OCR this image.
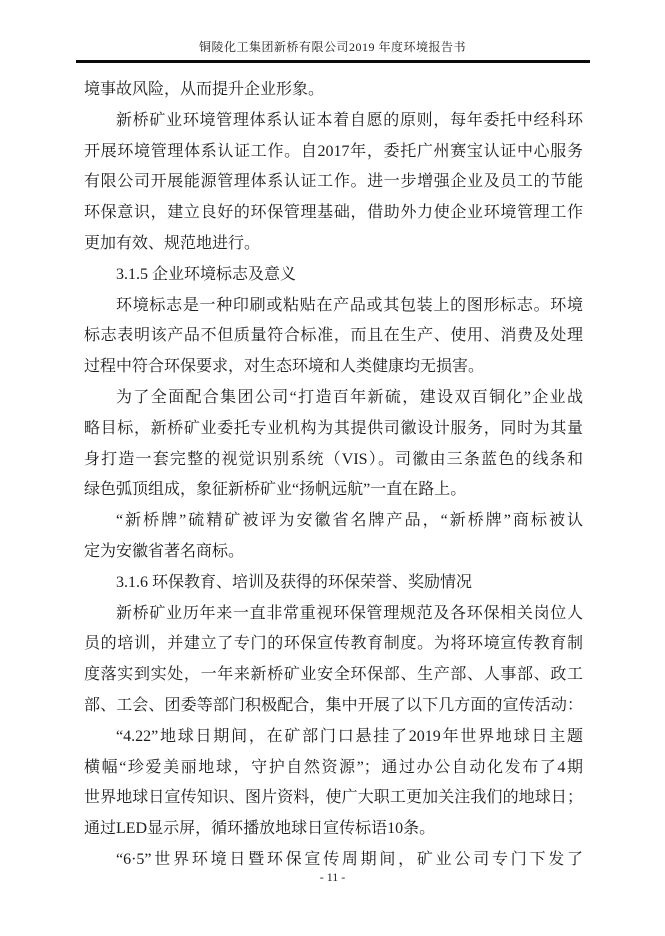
铜陵化工集团新桥有限公司2019 年度环境报告书
境事故风险，从而提升企业形象。
新桥矿业环境管理体系认证本着自愿的原则，每年委托中经科环
开展环境管理体系认证工作。自2017年，委托广州赛宝认证中心服务
有限公司开展能源管理体系认证工作。进一步增强企业及员工的节能
环保意识，建立良好的环保管理基础，借助外力使企业环境管理工作
更加有效、规范地进行。
3.1.5 企业环境标志及意义
环境标志是一种印刷或粘贴在产品或其包装上的图形标志。环境
标志表明该产品不但质量符合标准，而且在生产、使用、消费及处理
过程中符合环保要求，对生态环境和人类健康均无损害。
为了全面配合集团公司“打造百年新硫，建设双百铜化”企业战
略目标，新桥矿业委托专业机构为其提供司徽设计服务，同时为其量
身打造一套完整的视觉识别系统（VIS）。司徽由三条蓝色的线条和
绿色弧顶组成，象征新桥矿业“扬帆远航”一直在路上。
“新桥牌”硫精矿被评为安徽省名牌产品，“新桥牌”商标被认
定为安徽省著名商标。
3.1.6 环保教育、培训及获得的环保荣誉、奖励情况
新桥矿业历年来一直非常重视环保管理规范及各环保相关岗位人
员的培训，并建立了专门的环保宣传教育制度。为将环境宣传教育制
度落实到实处，一年来新桥矿业安全环保部、生产部、人事部、政工
部、工会、团委等部门积极配合，集中开展了以下几方面的宣传活动：
“4.22”地球日期间，在矿部门口悬挂了2019年世界地球日主题
横幅“珍爱美丽地球，守护自然资源”；通过办公自动化发布了4期
世界地球日宣传知识、图片资料，使广大职工更加关注我们的地球日；
通过LED显示屏，循环播放地球日宣传标语10条。
“6·5”世界环境日暨环保宣传周期间，矿业公司专门下发了
- 11 -
